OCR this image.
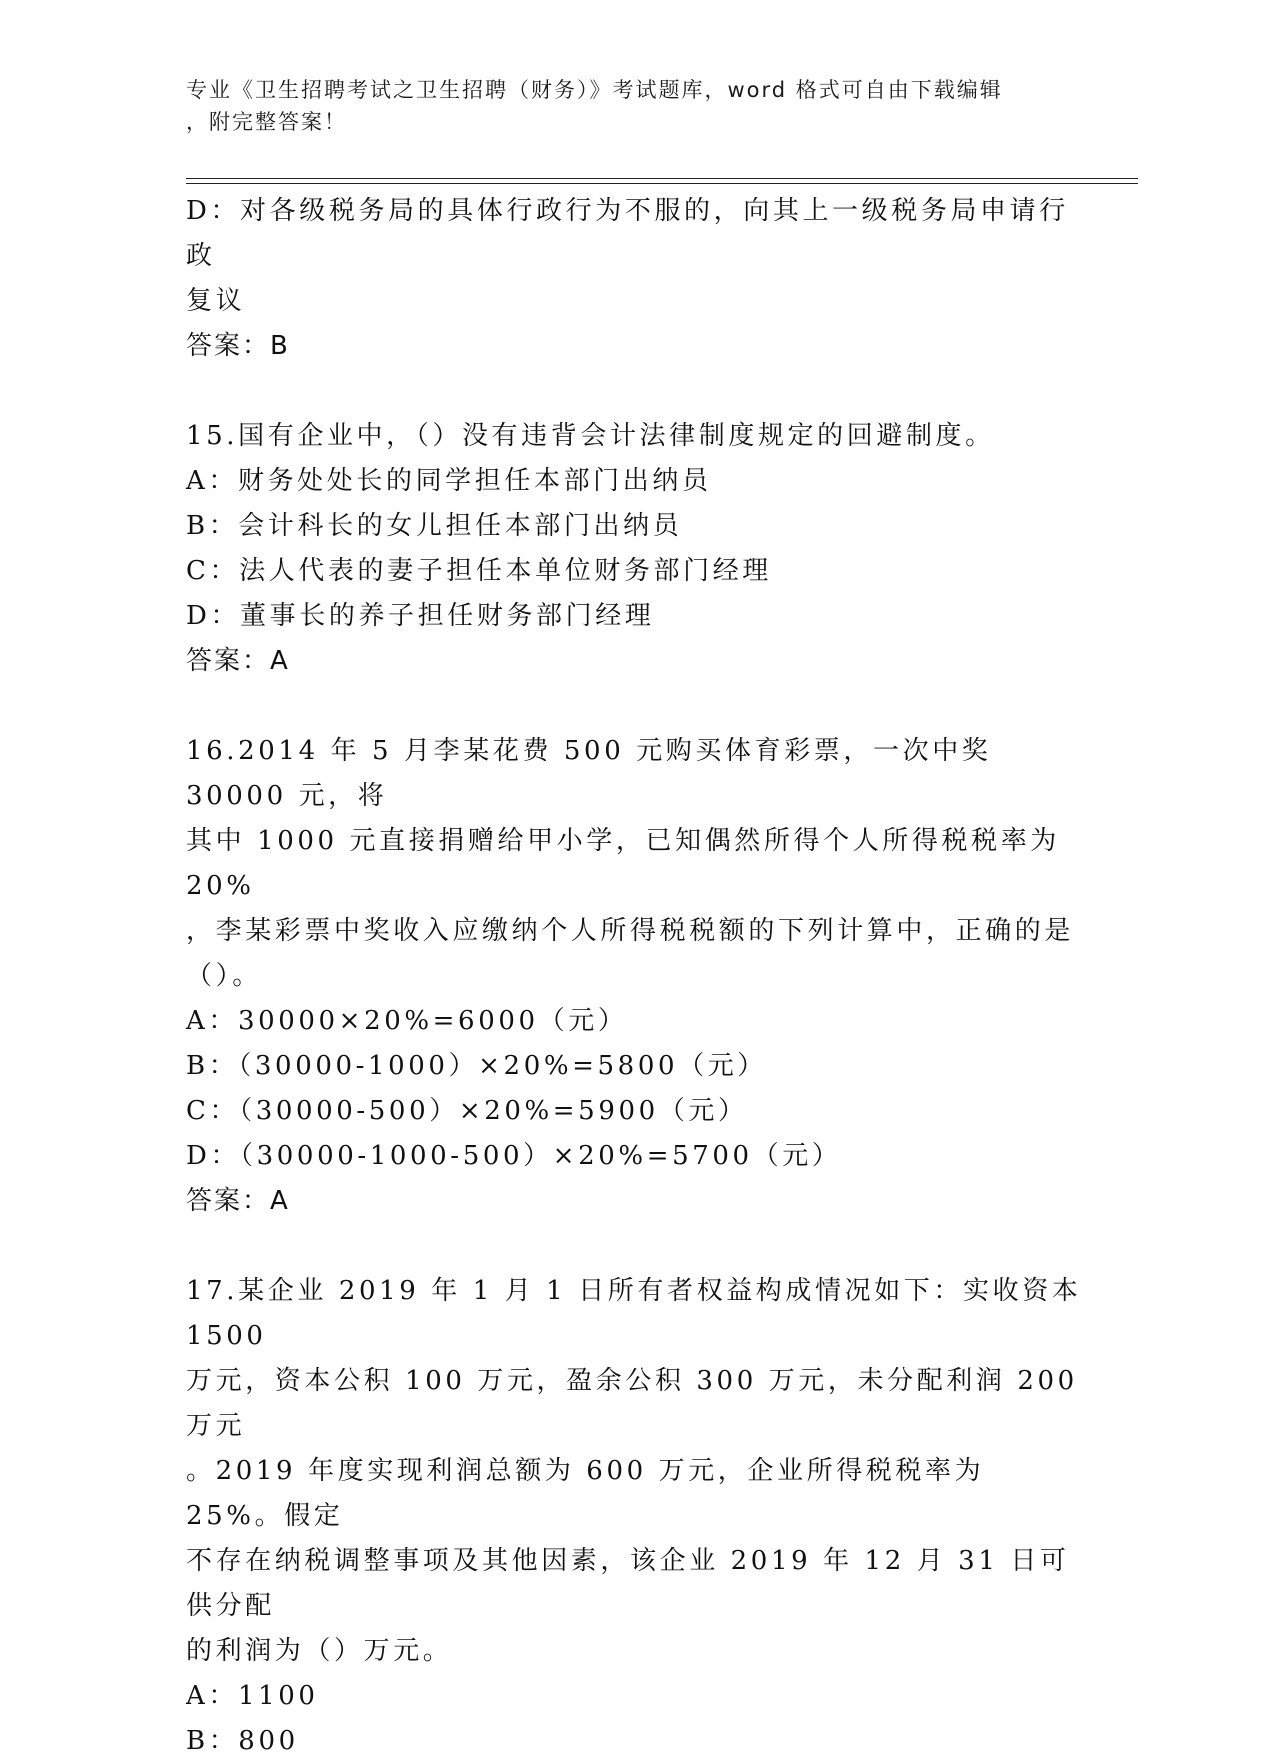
专业《卫生招聘考试之卫生招聘（财务）》考试题库，word 格式可自由下载编辑
，附完整答案！

D：对各级税务局的具体行政行为不服的，向其上一级税务局申请行政

复议

答案：B

15.国有企业中，（）没有违背会计法律制度规定的回避制度。

A：财务处处长的同学担任本部门出纳员

B：会计科长的女儿担任本部门出纳员

C：法人代表的妻子担任本单位财务部门经理

D：董事长的养子担任财务部门经理

答案：A

16.2014 年 5 月李某花费 500 元购买体育彩票，一次中奖 30000 元，将

其中 1000 元直接捐赠给甲小学，已知偶然所得个人所得税税率为 20%

，李某彩票中奖收入应缴纳个人所得税税额的下列计算中，正确的是

（）。

A：30000×20%=6000（元）

B：（30000-1000）×20%=5800（元）

C：（30000-500）×20%=5900（元）

D：（30000-1000-500）×20%=5700（元）

答案：A

17.某企业 2019 年 1 月 1 日所有者权益构成情况如下：实收资本 1500

万元，资本公积 100 万元，盈余公积 300 万元，未分配利润 200 万元

。2019 年度实现利润总额为 600 万元，企业所得税税率为 25%。假定

不存在纳税调整事项及其他因素，该企业 2019 年 12 月 31 日可供分配

的利润为（）万元。

A：1100

B：800
